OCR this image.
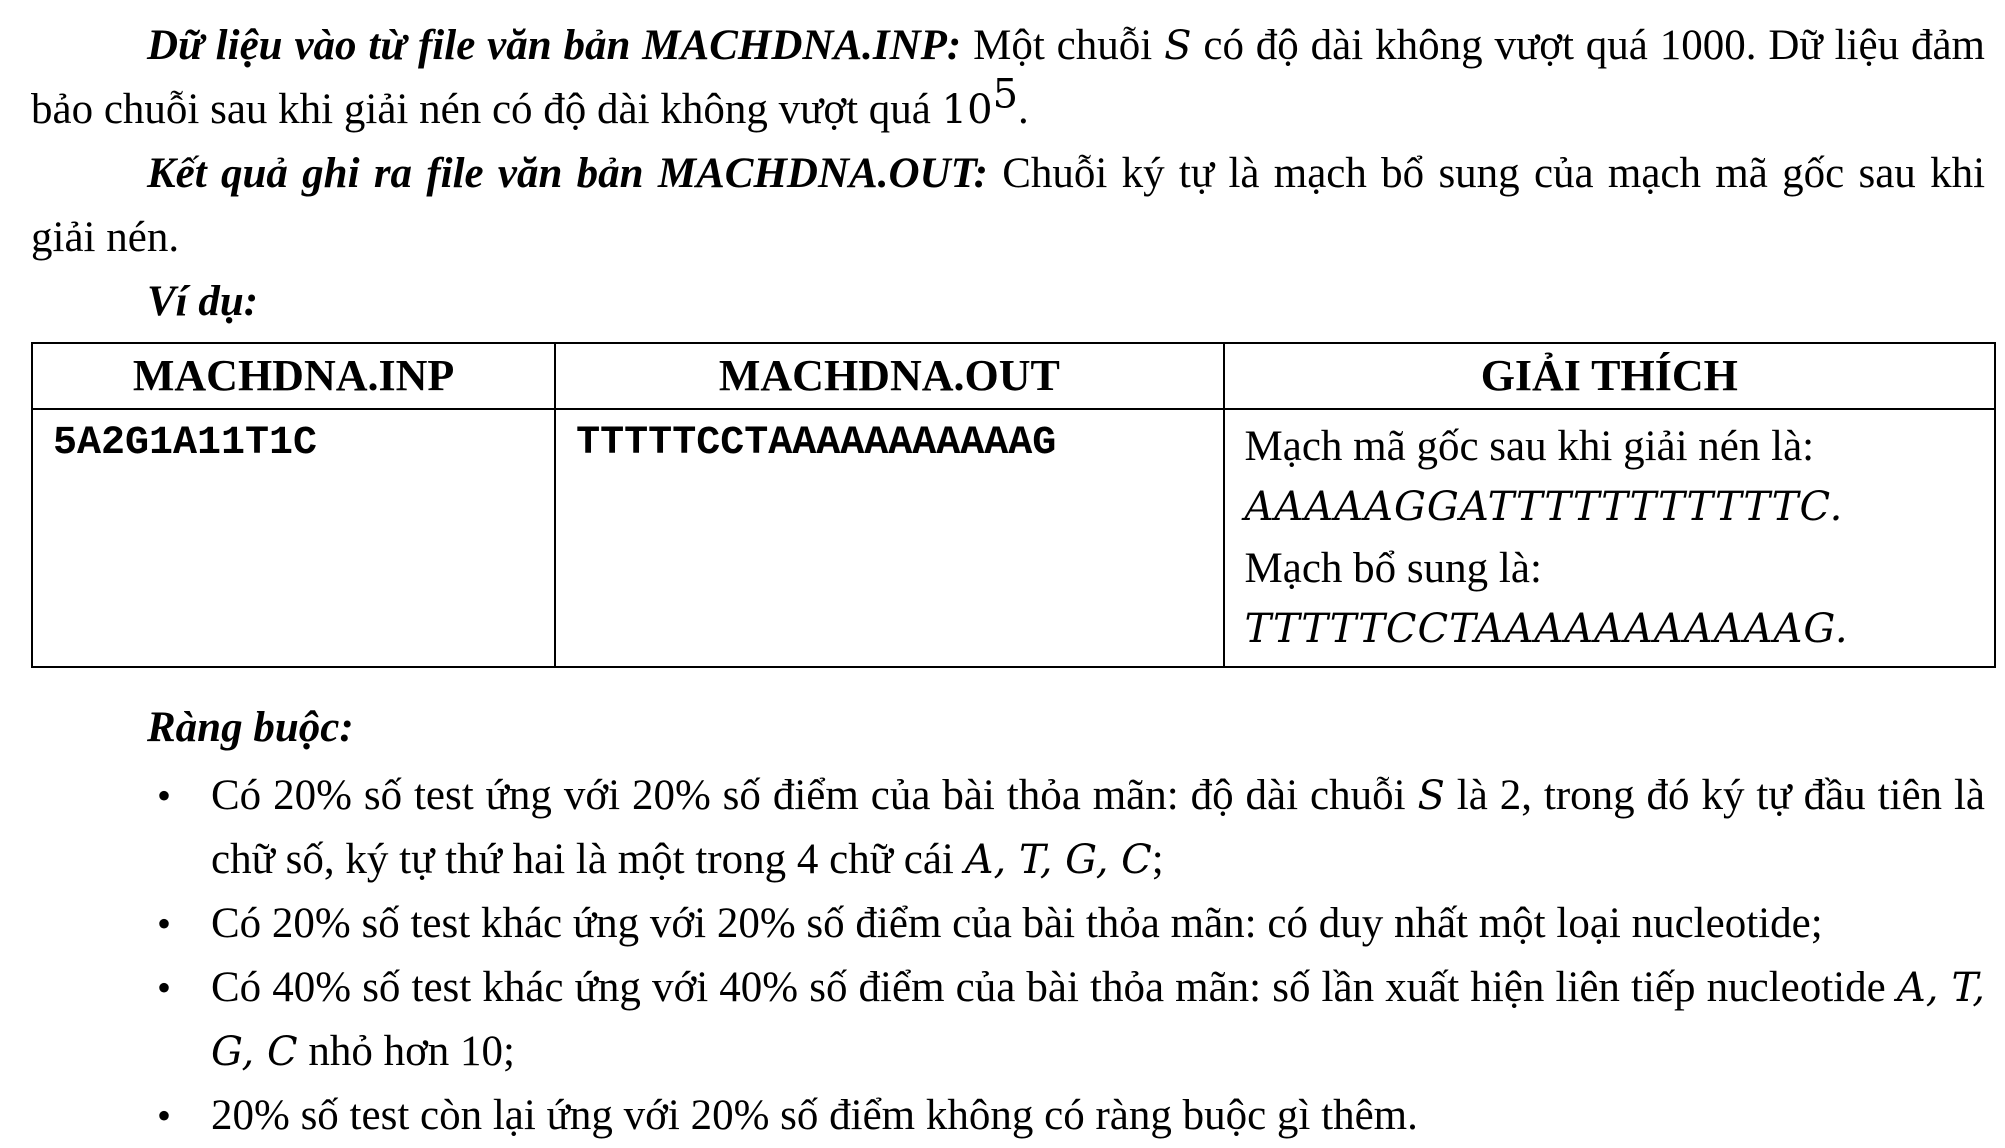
Dữ liệu vào từ file văn bản MACHDNA.INP: Một chuỗi S có độ dài không vượt quá 1000. Dữ liệu đảm bảo chuỗi sau khi giải nén có độ dài không vượt quá $10^5$.
Kết quả ghi ra file văn bản MACHDNA.OUT: Chuỗi ký tự là mạch bổ sung của mạch mã gốc sau khi giải nén.
Ví dụ:
MACHDNA.INP	MACHDNA.OUT	GIẢI THÍCH
5A2G1A11T1C	TTTTTCCTAAAAAAAAAAAG	Mạch mã gốc sau khi giải nén là:
AAAAAGGATTTTTTTTTTTC.
Mạch bổ sung là:
TTTTTCCTAAAAAAAAAAAG.
Ràng buộc:
• Có 20% số test ứng với 20% số điểm của bài thỏa mãn: độ dài chuỗi S là 2, trong đó ký tự đầu tiên là chữ số, ký tự thứ hai là một trong 4 chữ cái A, T, G, C;
• Có 20% số test khác ứng với 20% số điểm của bài thỏa mãn: có duy nhất một loại nucleotide;
• Có 40% số test khác ứng với 40% số điểm của bài thỏa mãn: số lần xuất hiện liên tiếp nucleotide A, T, G, C nhỏ hơn 10;
• 20% số test còn lại ứng với 20% số điểm không có ràng buộc gì thêm.
